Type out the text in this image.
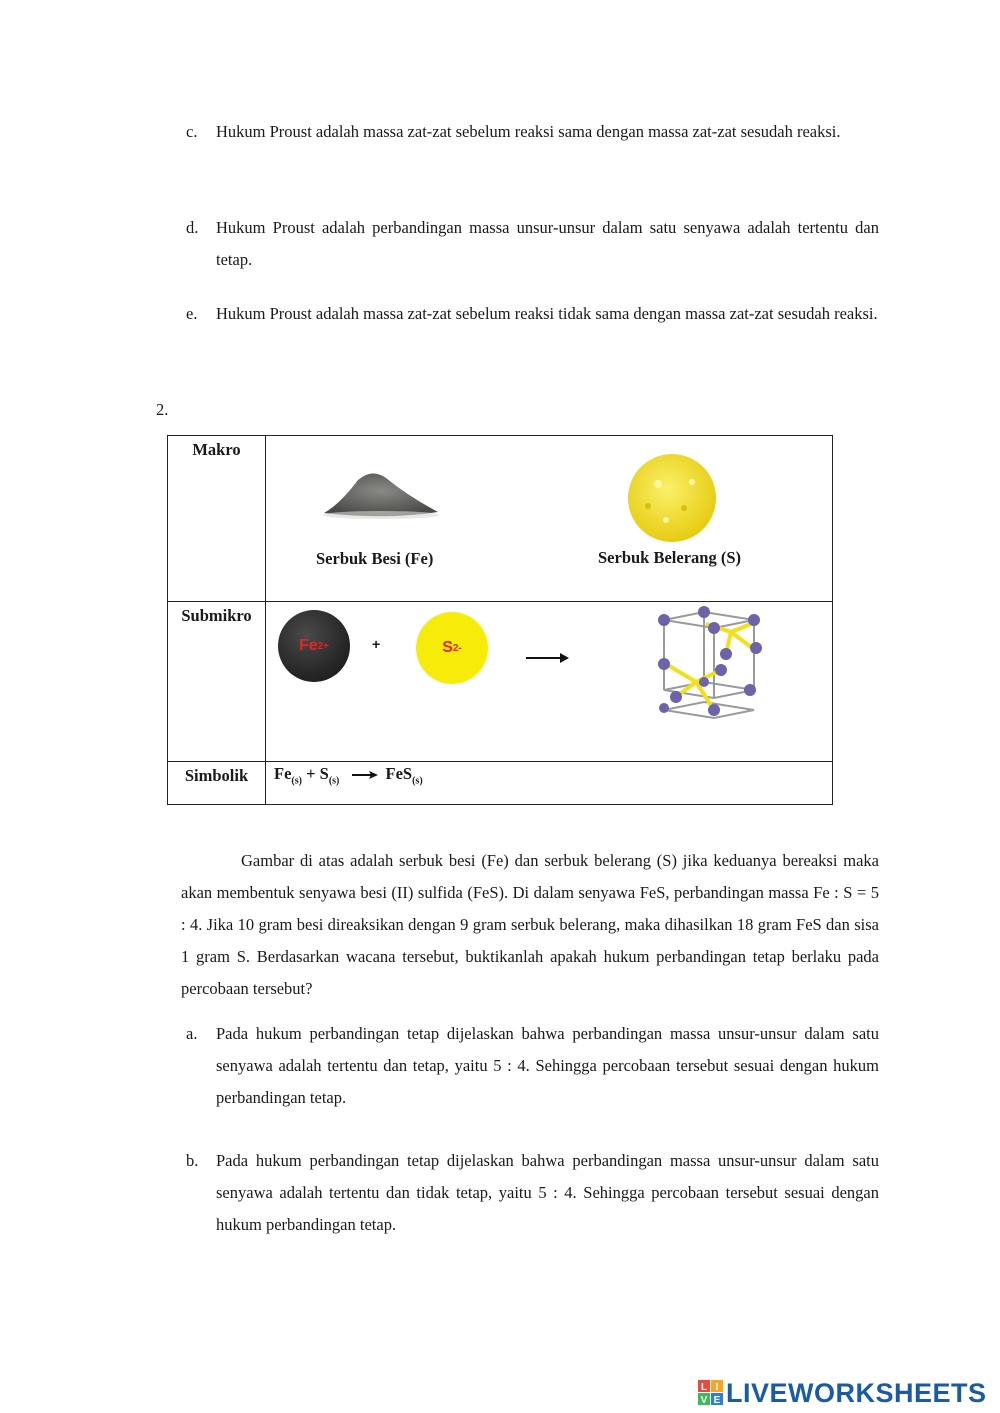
c. Hukum Proust adalah massa zat-zat sebelum reaksi sama dengan massa zat-zat sesudah reaksi.
d. Hukum Proust adalah perbandingan massa unsur-unsur dalam satu senyawa adalah tertentu dan tetap.
e. Hukum Proust adalah massa zat-zat sebelum reaksi tidak sama dengan massa zat-zat sesudah reaksi.
2.
Makro	Serbuk Besi (Fe) Serbuk Belerang (S)

Submikro	Fe 2+ + S 2-

Simbolik	$Fe_{(s)} + S_{(s)}$ FeS$_{(s)}$
Gambar di atas adalah serbuk besi (Fe) dan serbuk belerang (S) jika keduanya bereaksi maka akan membentuk senyawa besi (II) sulfida (FeS). Di dalam senyawa FeS, perbandingan massa Fe : S = 5 : 4. Jika 10 gram besi direaksikan dengan 9 gram serbuk belerang, maka dihasilkan 18 gram FeS dan sisa 1 gram S. Berdasarkan wacana tersebut, buktikanlah apakah hukum perbandingan tetap berlaku pada percobaan tersebut?
a. Pada hukum perbandingan tetap dijelaskan bahwa perbandingan massa unsur-unsur dalam satu senyawa adalah tertentu dan tetap, yaitu 5 : 4. Sehingga percobaan tersebut sesuai dengan hukum perbandingan tetap.
b. Pada hukum perbandingan tetap dijelaskan bahwa perbandingan massa unsur-unsur dalam satu senyawa adalah tertentu dan tidak tetap, yaitu 5 : 4. Sehingga percobaan tersebut sesuai dengan hukum perbandingan tetap.
L I
V E LIVEWORKSHEETS
